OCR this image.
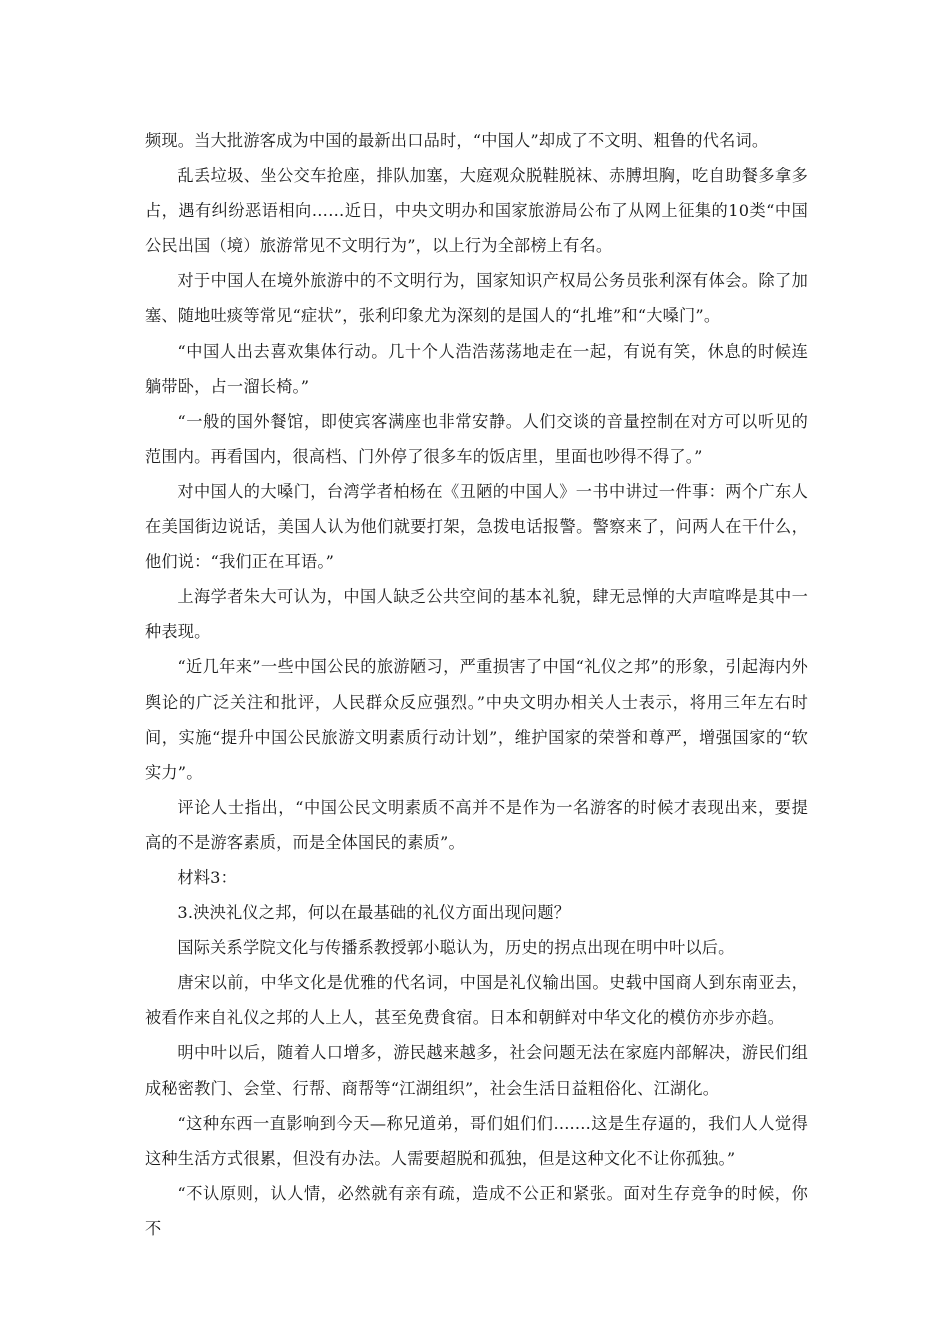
频现。当大批游客成为中国的最新出口品时，“中国人”却成了不文明、粗鲁的代名词。

乱丢垃圾、坐公交车抢座，排队加塞，大庭观众脱鞋脱袜、赤膊坦胸，吃自助餐多拿多占，遇有纠纷恶语相向……近日，中央文明办和国家旅游局公布了从网上征集的10类“中国公民出国（境）旅游常见不文明行为”，以上行为全部榜上有名。

对于中国人在境外旅游中的不文明行为，国家知识产权局公务员张利深有体会。除了加塞、随地吐痰等常见“症状”，张利印象尤为深刻的是国人的“扎堆”和“大嗓门”。

“中国人出去喜欢集体行动。几十个人浩浩荡荡地走在一起，有说有笑，休息的时候连躺带卧，占一溜长椅。”

“一般的国外餐馆，即使宾客满座也非常安静。人们交谈的音量控制在对方可以听见的范围内。再看国内，很高档、门外停了很多车的饭店里，里面也吵得不得了。”

对中国人的大嗓门，台湾学者柏杨在《丑陋的中国人》一书中讲过一件事：两个广东人在美国街边说话，美国人认为他们就要打架，急拨电话报警。警察来了，问两人在干什么，他们说：“我们正在耳语。”

上海学者朱大可认为，中国人缺乏公共空间的基本礼貌，肆无忌惮的大声喧哗是其中一种表现。

“近几年来”一些中国公民的旅游陋习，严重损害了中国“礼仪之邦”的形象，引起海内外舆论的广泛关注和批评，人民群众反应强烈。”中央文明办相关人士表示，将用三年左右时间，实施“提升中国公民旅游文明素质行动计划”，维护国家的荣誉和尊严，增强国家的“软实力”。

评论人士指出，“中国公民文明素质不高并不是作为一名游客的时候才表现出来，要提高的不是游客素质，而是全体国民的素质”。

材料3：

3.泱泱礼仪之邦，何以在最基础的礼仪方面出现问题？

国际关系学院文化与传播系教授郭小聪认为，历史的拐点出现在明中叶以后。

唐宋以前，中华文化是优雅的代名词，中国是礼仪输出国。史载中国商人到东南亚去，被看作来自礼仪之邦的人上人，甚至免费食宿。日本和朝鲜对中华文化的模仿亦步亦趋。

明中叶以后，随着人口增多，游民越来越多，社会问题无法在家庭内部解决，游民们组成秘密教门、会堂、行帮、商帮等“江湖组织”，社会生活日益粗俗化、江湖化。

“这种东西一直影响到今天—称兄道弟，哥们姐们们.......这是生存逼的，我们人人觉得这种生活方式很累，但没有办法。人需要超脱和孤独，但是这种文化不让你孤独。”

“不认原则，认人情，必然就有亲有疏，造成不公正和紧张。面对生存竞争的时候，你不
